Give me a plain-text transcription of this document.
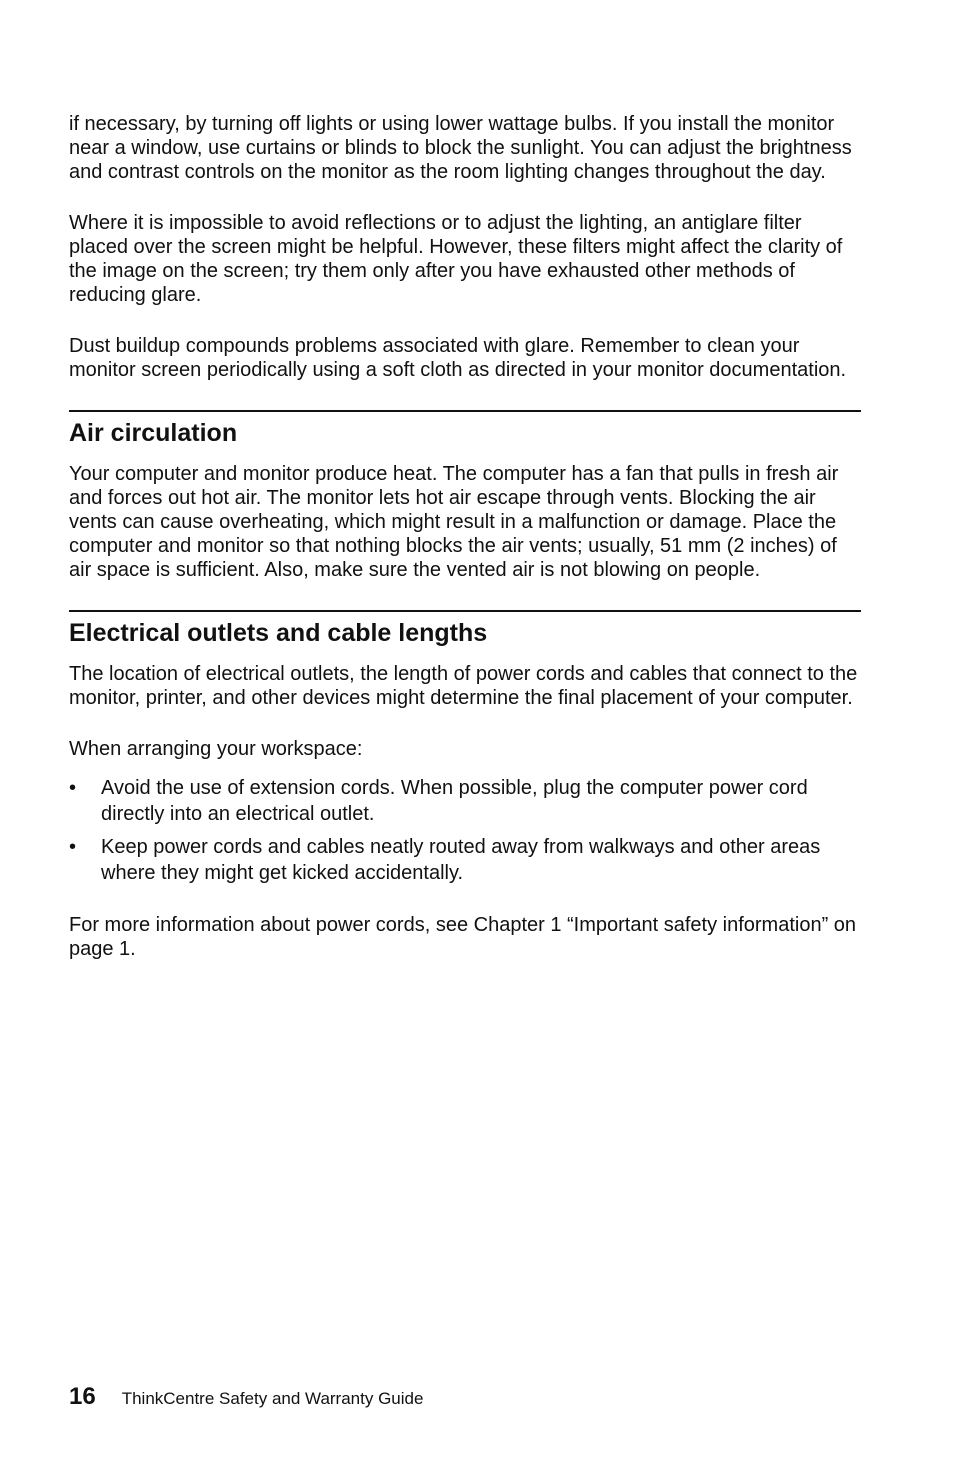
if necessary, by turning off lights or using lower wattage bulbs. If you install the monitor near a window, use curtains or blinds to block the sunlight. You can adjust the brightness and contrast controls on the monitor as the room lighting changes throughout the day.

Where it is impossible to avoid reflections or to adjust the lighting, an antiglare filter placed over the screen might be helpful. However, these filters might affect the clarity of the image on the screen; try them only after you have exhausted other methods of reducing glare.

Dust buildup compounds problems associated with glare. Remember to clean your monitor screen periodically using a soft cloth as directed in your monitor documentation.

Air circulation

Your computer and monitor produce heat. The computer has a fan that pulls in fresh air and forces out hot air. The monitor lets hot air escape through vents. Blocking the air vents can cause overheating, which might result in a malfunction or damage. Place the computer and monitor so that nothing blocks the air vents; usually, 51 mm (2 inches) of air space is sufficient. Also, make sure the vented air is not blowing on people.

Electrical outlets and cable lengths

The location of electrical outlets, the length of power cords and cables that connect to the monitor, printer, and other devices might determine the final placement of your computer.

When arranging your workspace:

• Avoid the use of extension cords. When possible, plug the computer power cord directly into an electrical outlet.
• Keep power cords and cables neatly routed away from walkways and other areas where they might get kicked accidentally.

For more information about power cords, see Chapter 1 “Important safety information” on page 1.

16 ThinkCentre Safety and Warranty Guide
